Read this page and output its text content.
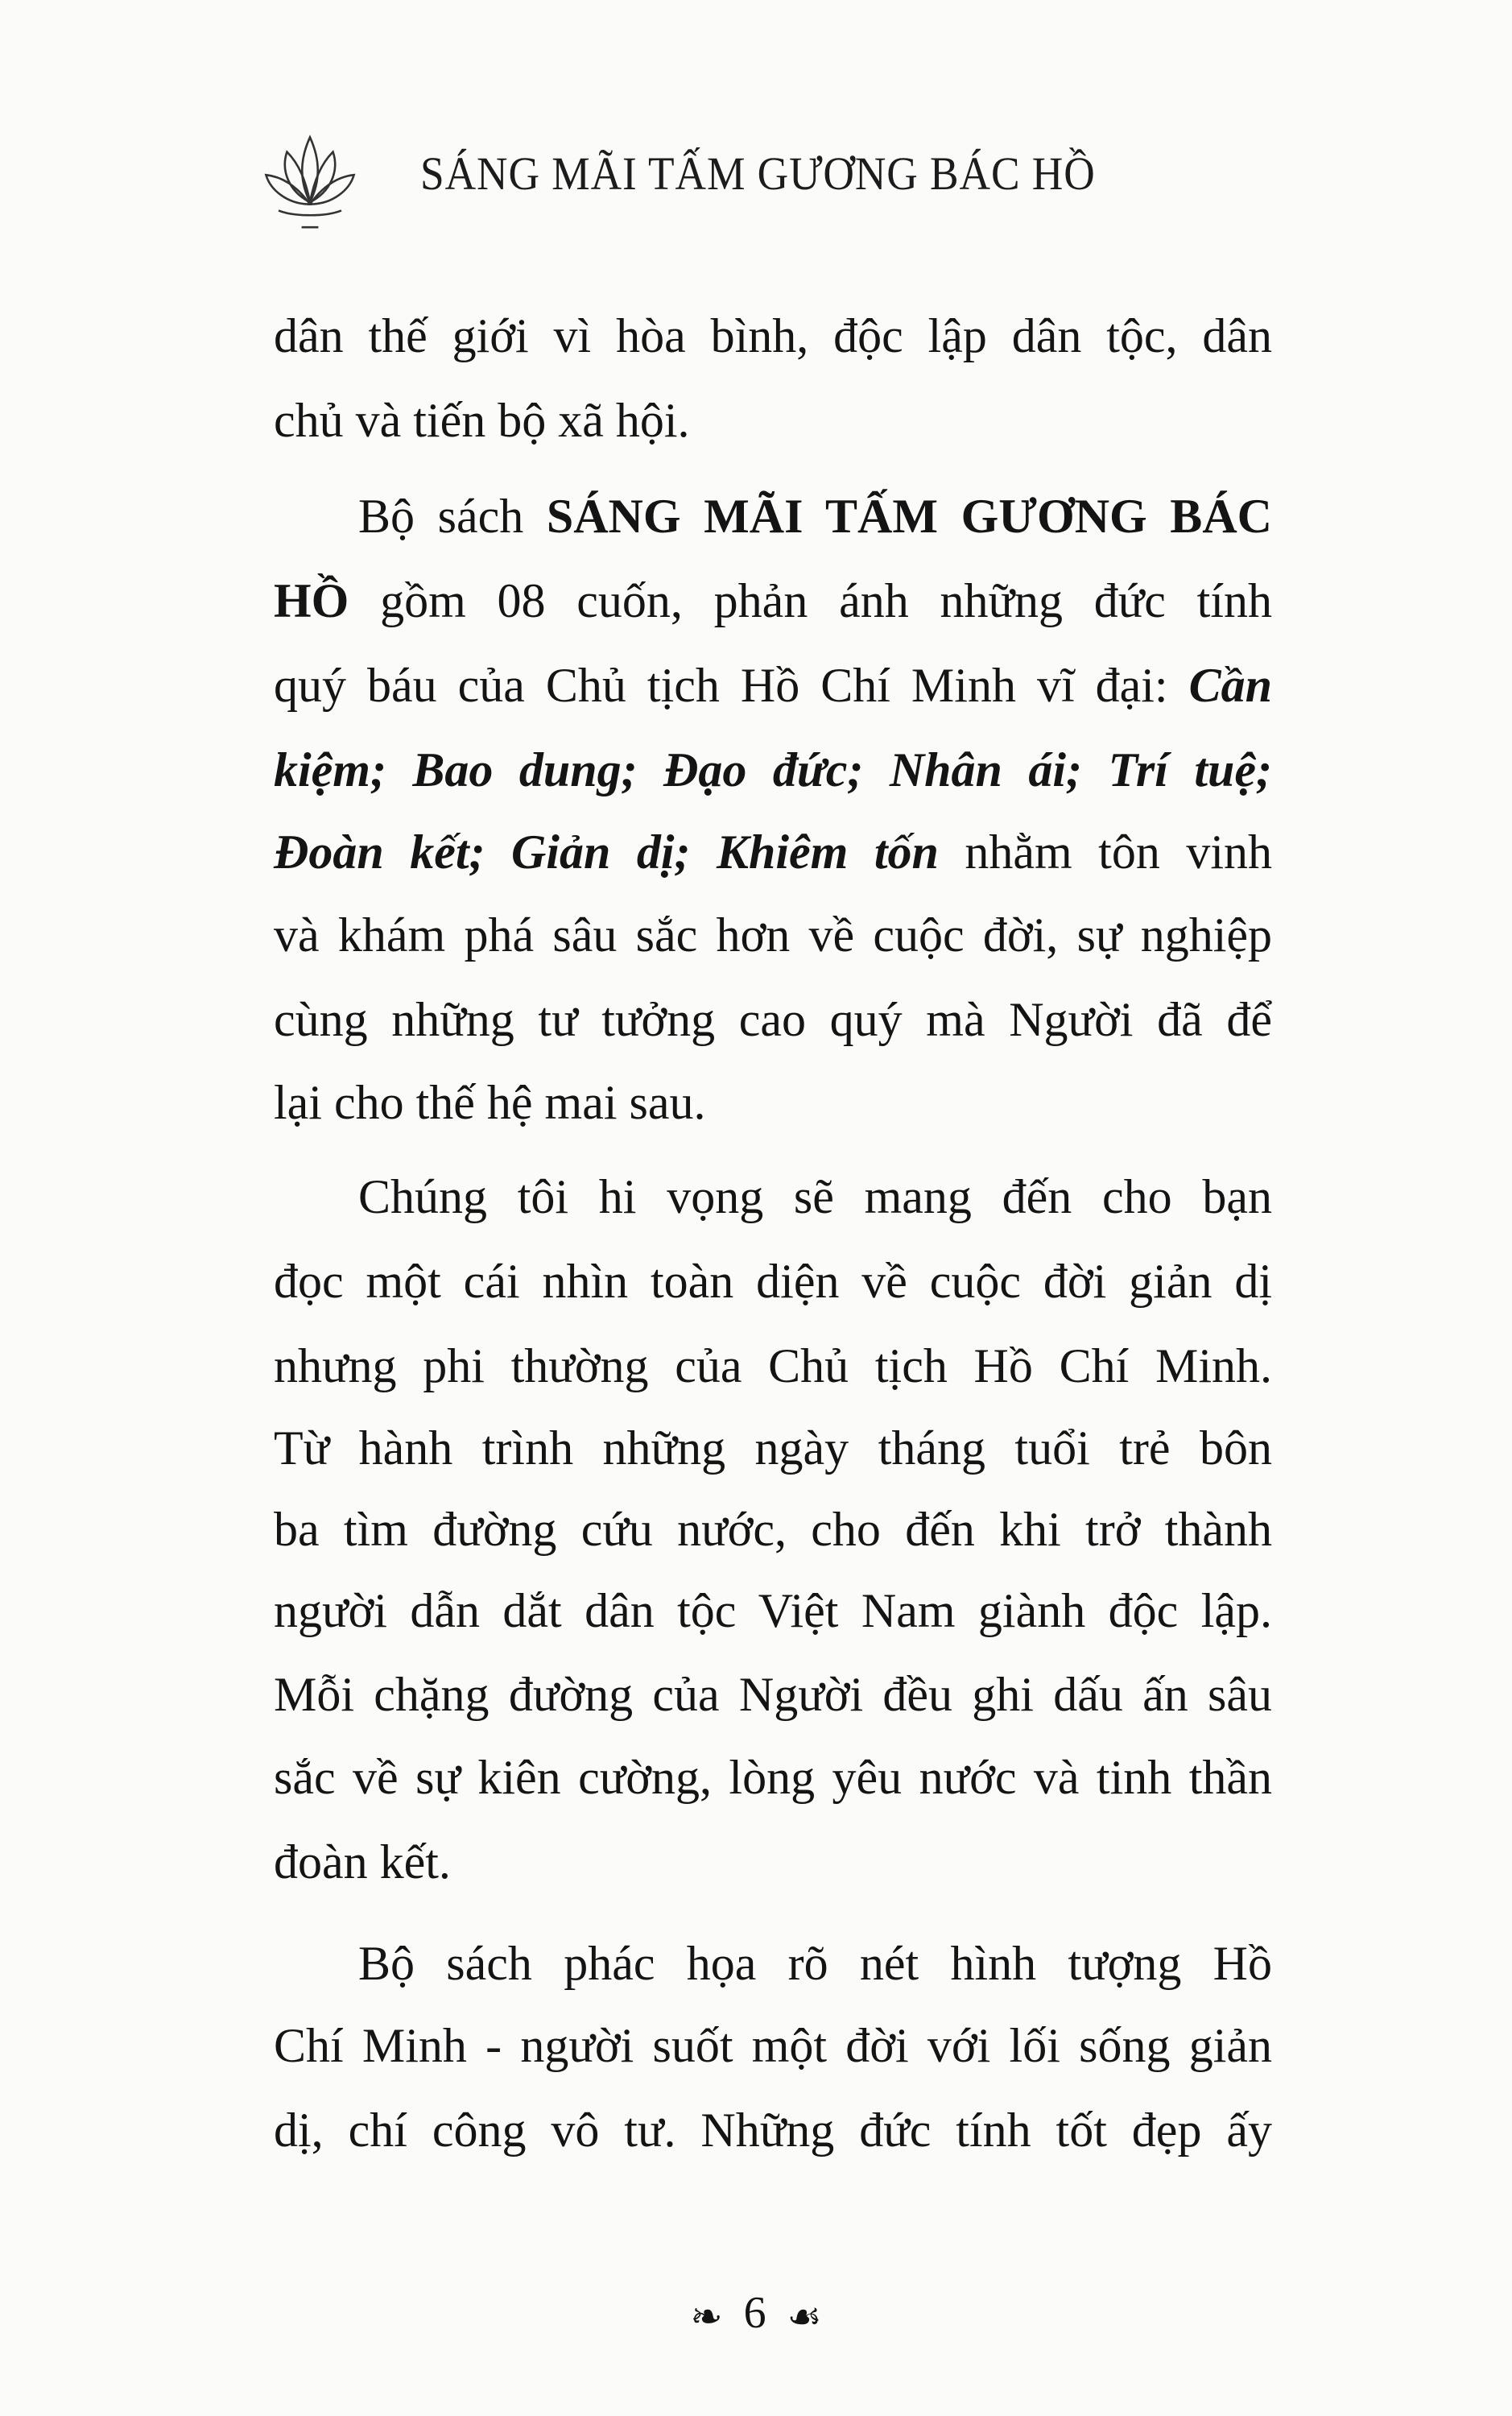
SÁNG MÃI TẤM GƯƠNG BÁC HỒ
dân thế giới vì hòa bình, độc lập dân tộc, dân
chủ và tiến bộ xã hội.
Bộ sách SÁNG MÃI TẤM GƯƠNG BÁC
HỒ gồm 08 cuốn, phản ánh những đức tính
quý báu của Chủ tịch Hồ Chí Minh vĩ đại: Cần
kiệm; Bao dung; Đạo đức; Nhân ái; Trí tuệ;
Đoàn kết; Giản dị; Khiêm tốn nhằm tôn vinh
và khám phá sâu sắc hơn về cuộc đời, sự nghiệp
cùng những tư tưởng cao quý mà Người đã để
lại cho thế hệ mai sau.
Chúng tôi hi vọng sẽ mang đến cho bạn
đọc một cái nhìn toàn diện về cuộc đời giản dị
nhưng phi thường của Chủ tịch Hồ Chí Minh.
Từ hành trình những ngày tháng tuổi trẻ bôn
ba tìm đường cứu nước, cho đến khi trở thành
người dẫn dắt dân tộc Việt Nam giành độc lập.
Mỗi chặng đường của Người đều ghi dấu ấn sâu
sắc về sự kiên cường, lòng yêu nước và tinh thần
đoàn kết.
Bộ sách phác họa rõ nét hình tượng Hồ
Chí Minh - người suốt một đời với lối sống giản
dị, chí công vô tư. Những đức tính tốt đẹp ấy
❧ 6 ☙
